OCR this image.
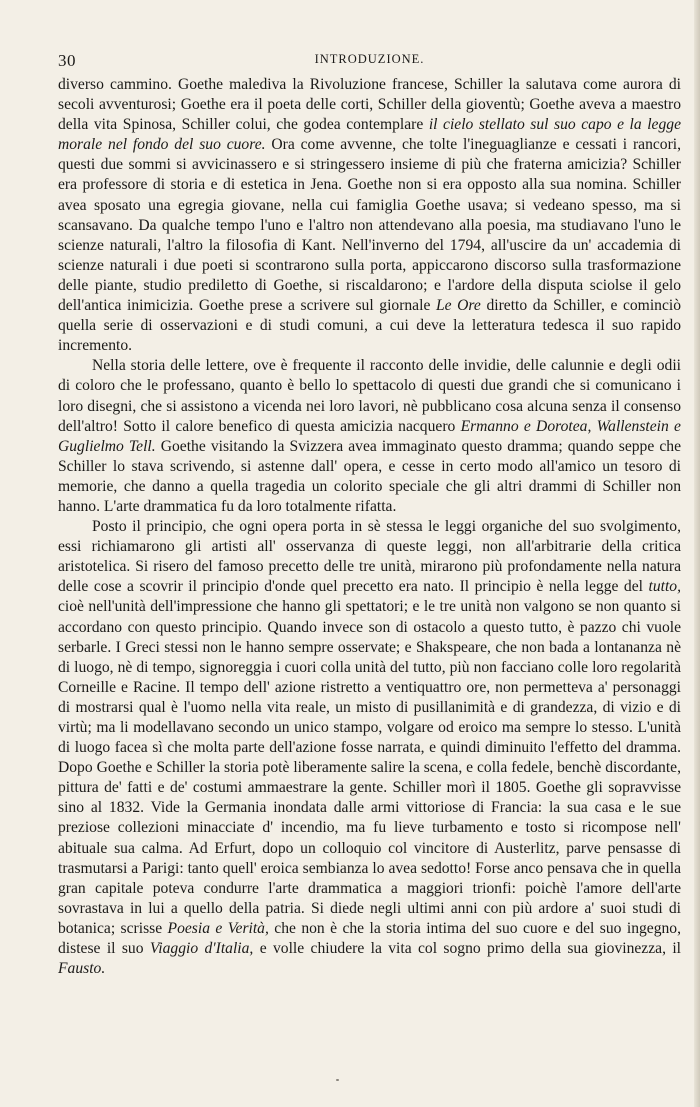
30	INTRODUZIONE.

diverso cammino. Goethe malediva la Rivoluzione francese, Schiller la salutava come aurora di secoli avventurosi; Goethe era il poeta delle corti, Schiller della gioventù; Goethe aveva a maestro della vita Spinosa, Schiller colui, che godea contemplare il cielo stellato sul suo capo e la legge morale nel fondo del suo cuore. Ora come avvenne, che tolte l'ineguaglianze e cessati i rancori, questi due sommi si avvicinassero e si stringessero insieme di più che fraterna amicizia? Schiller era professore di storia e di estetica in Jena. Goethe non si era opposto alla sua nomina. Schiller avea sposato una egregia giovane, nella cui famiglia Goethe usava; si vedeano spesso, ma si scansavano. Da qualche tempo l'uno e l'altro non attendevano alla poesia, ma studiavano l'uno le scienze naturali, l'altro la filosofia di Kant. Nell'inverno del 1794, all'uscire da un' accademia di scienze naturali i due poeti si scontrarono sulla porta, appiccarono discorso sulla trasformazione delle piante, studio prediletto di Goethe, si riscaldarono; e l'ardore della disputa sciolse il gelo dell'antica inimicizia. Goethe prese a scrivere sul giornale Le Ore diretto da Schiller, e cominciò quella serie di osservazioni e di studi comuni, a cui deve la letteratura tedesca il suo rapido incremento.

Nella storia delle lettere, ove è frequente il racconto delle invidie, delle calunnie e degli odii di coloro che le professano, quanto è bello lo spettacolo di questi due grandi che si comunicano i loro disegni, che si assistono a vicenda nei loro lavori, nè pubblicano cosa alcuna senza il consenso dell'altro! Sotto il calore benefico di questa amicizia nacquero Ermanno e Dorotea, Wallenstein e Guglielmo Tell. Goethe visitando la Svizzera avea immaginato questo dramma; quando seppe che Schiller lo stava scrivendo, si astenne dall' opera, e cesse in certo modo all'amico un tesoro di memorie, che danno a quella tragedia un colorito speciale che gli altri drammi di Schiller non hanno. L'arte drammatica fu da loro totalmente rifatta.

Posto il principio, che ogni opera porta in sè stessa le leggi organiche del suo svolgimento, essi richiamarono gli artisti all' osservanza di queste leggi, non all'arbitrarie della critica aristotelica. Si risero del famoso precetto delle tre unità, mirarono più profondamente nella natura delle cose a scovrir il principio d'onde quel precetto era nato. Il principio è nella legge del tutto, cioè nell'unità dell'impressione che hanno gli spettatori; e le tre unità non valgono se non quanto si accordano con questo principio. Quando invece son di ostacolo a questo tutto, è pazzo chi vuole serbarle. I Greci stessi non le hanno sempre osservate; e Shakspeare, che non bada a lontananza nè di luogo, nè di tempo, signoreggia i cuori colla unità del tutto, più non facciano colle loro regolarità Corneille e Racine. Il tempo dell' azione ristretto a ventiquattro ore, non permetteva a' personaggi di mostrarsi qual è l'uomo nella vita reale, un misto di pusillanimità e di grandezza, di vizio e di virtù; ma li modellavano secondo un unico stampo, volgare od eroico ma sempre lo stesso. L'unità di luogo facea sì che molta parte dell'azione fosse narrata, e quindi diminuito l'effetto del dramma. Dopo Goethe e Schiller la storia potè liberamente salire la scena, e colla fedele, benchè discordante, pittura de' fatti e de' costumi ammaestrare la gente. Schiller morì il 1805. Goethe gli sopravvisse sino al 1832. Vide la Germania inondata dalle armi vittoriose di Francia: la sua casa e le sue preziose collezioni minacciate d' incendio, ma fu lieve turbamento e tosto si ricompose nell' abituale sua calma. Ad Erfurt, dopo un colloquio col vincitore di Austerlitz, parve pensasse di trasmutarsi a Parigi: tanto quell' eroica sembianza lo avea sedotto! Forse anco pensava che in quella gran capitale poteva condurre l'arte drammatica a maggiori trionfi: poichè l'amore dell'arte sovrastava in lui a quello della patria. Si diede negli ultimi anni con più ardore a' suoi studi di botanica; scrisse Poesia e Verità, che non è che la storia intima del suo cuore e del suo ingegno, distese il suo Viaggio d'Italia, e volle chiudere la vita col sogno primo della sua giovinezza, il Fausto.
